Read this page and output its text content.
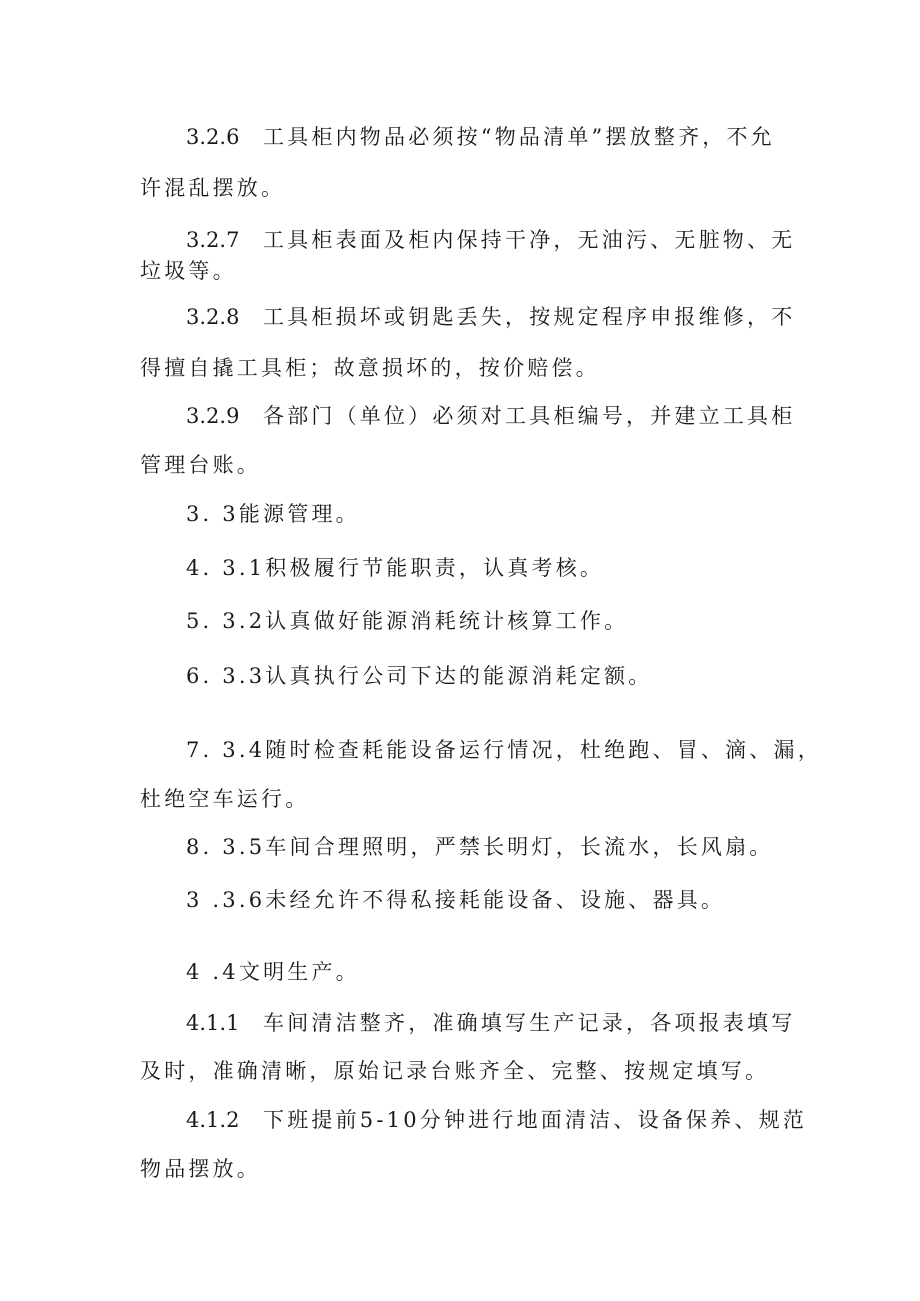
3.2.6 工具柜内物品必须按“物品清单”摆放整齐，不允
许混乱摆放。
3.2.7 工具柜表面及柜内保持干净，无油污、无脏物、无
垃圾等。
3.2.8 工具柜损坏或钥匙丢失，按规定程序申报维修，不
得擅自撬工具柜；故意损坏的，按价赔偿。
3.2.9 各部门（单位）必须对工具柜编号，并建立工具柜
管理台账。
3. 3能源管理。
4. 3.1积极履行节能职责，认真考核。
5. 3.2认真做好能源消耗统计核算工作。
6. 3.3认真执行公司下达的能源消耗定额。
7. 3.4随时检查耗能设备运行情况，杜绝跑、冒、滴、漏，
杜绝空车运行。
8. 3.5车间合理照明，严禁长明灯，长流水，长风扇。
3 .3.6未经允许不得私接耗能设备、设施、器具。
4 .4文明生产。
4.1.1 车间清洁整齐，准确填写生产记录，各项报表填写
及时，准确清晰，原始记录台账齐全、完整、按规定填写。
4.1.2 下班提前5-10分钟进行地面清洁、设备保养、规范
物品摆放。
